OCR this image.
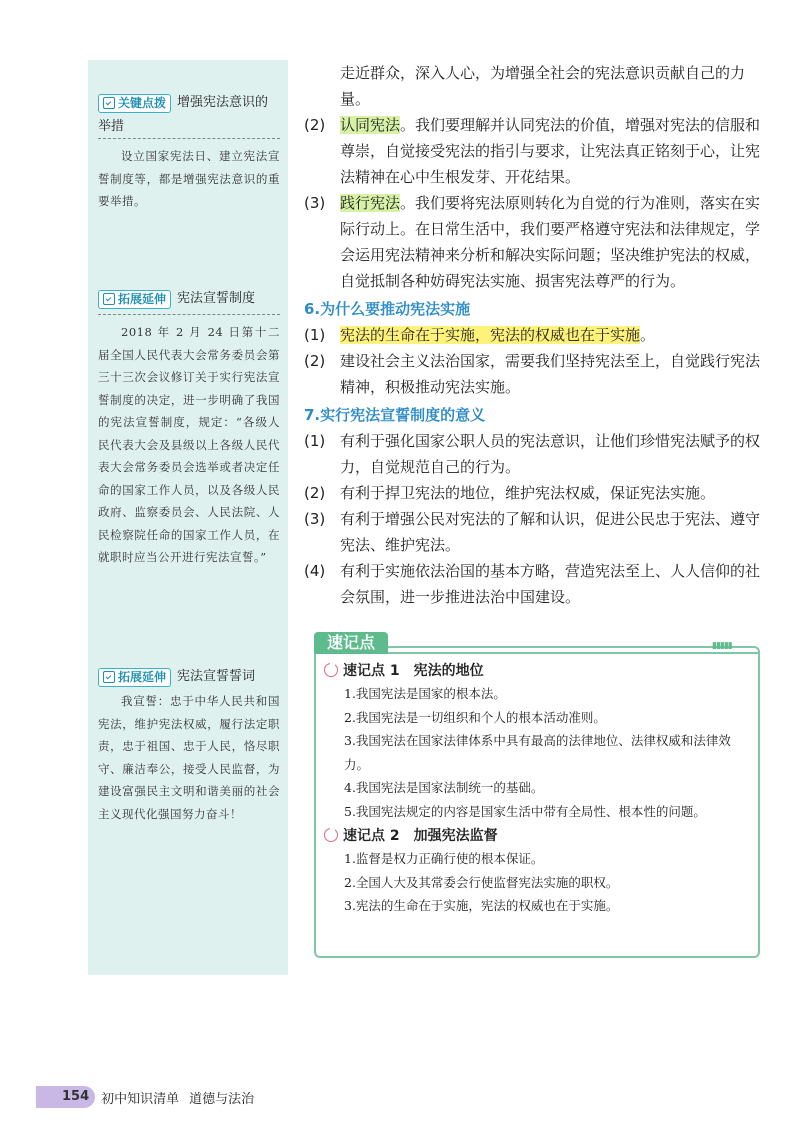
关键点拨 增强宪法意识的
举措
设立国家宪法日、建立宪法宣誓制度等，都是增强宪法意识的重要举措。
拓展延伸 宪法宣誓制度
2018 年 2 月 24 日第十二届全国人民代表大会常务委员会第三十三次会议修订关于实行宪法宣誓制度的决定，进一步明确了我国的宪法宣誓制度，规定：“各级人民代表大会及县级以上各级人民代表大会常务委员会选举或者决定任命的国家工作人员，以及各级人民政府、监察委员会、人民法院、人民检察院任命的国家工作人员，在就职时应当公开进行宪法宣誓。”
拓展延伸 宪法宣誓誓词
我宣誓：忠于中华人民共和国宪法，维护宪法权威，履行法定职责，忠于祖国、忠于人民，恪尽职守、廉洁奉公，接受人民监督，为建设富强民主文明和谐美丽的社会主义现代化强国努力奋斗！

走近群众，深入人心，为增强全社会的宪法意识贡献自己的力量。

(2) 认同宪法。我们要理解并认同宪法的价值，增强对宪法的信服和尊崇，自觉接受宪法的指引与要求，让宪法真正铭刻于心，让宪法精神在心中生根发芽、开花结果。
(3) 践行宪法。我们要将宪法原则转化为自觉的行为准则，落实在实际行动上。在日常生活中，我们要严格遵守宪法和法律规定，学会运用宪法精神来分析和解决实际问题；坚决维护宪法的权威，自觉抵制各种妨碍宪法实施、损害宪法尊严的行为。
6.为什么要推动宪法实施
(1) 宪法的生命在于实施，宪法的权威也在于实施。
(2) 建设社会主义法治国家，需要我们坚持宪法至上，自觉践行宪法精神，积极推动宪法实施。
7.实行宪法宣誓制度的意义
(1) 有利于强化国家公职人员的宪法意识，让他们珍惜宪法赋予的权力，自觉规范自己的行为。
(2) 有利于捍卫宪法的地位，维护宪法权威，保证宪法实施。
(3) 有利于增强公民对宪法的了解和认识，促进公民忠于宪法、遵守宪法、维护宪法。
(4) 有利于实施依法治国的基本方略，营造宪法至上、人人信仰的社会氛围，进一步推进法治中国建设。
速记点	▮▮▮▮▮
速记点 1　宪法的地位
1.我国宪法是国家的根本法。
2.我国宪法是一切组织和个人的根本活动准则。
3.我国宪法在国家法律体系中具有最高的法律地位、法律权威和法律效力。
4.我国宪法是国家法制统一的基础。
5.我国宪法规定的内容是国家生活中带有全局性、根本性的问题。
速记点 2　加强宪法监督
1.监督是权力正确行使的根本保证。
2.全国人大及其常委会行使监督宪法实施的职权。
3.宪法的生命在于实施，宪法的权威也在于实施。
154 初中知识清单 道德与法治
